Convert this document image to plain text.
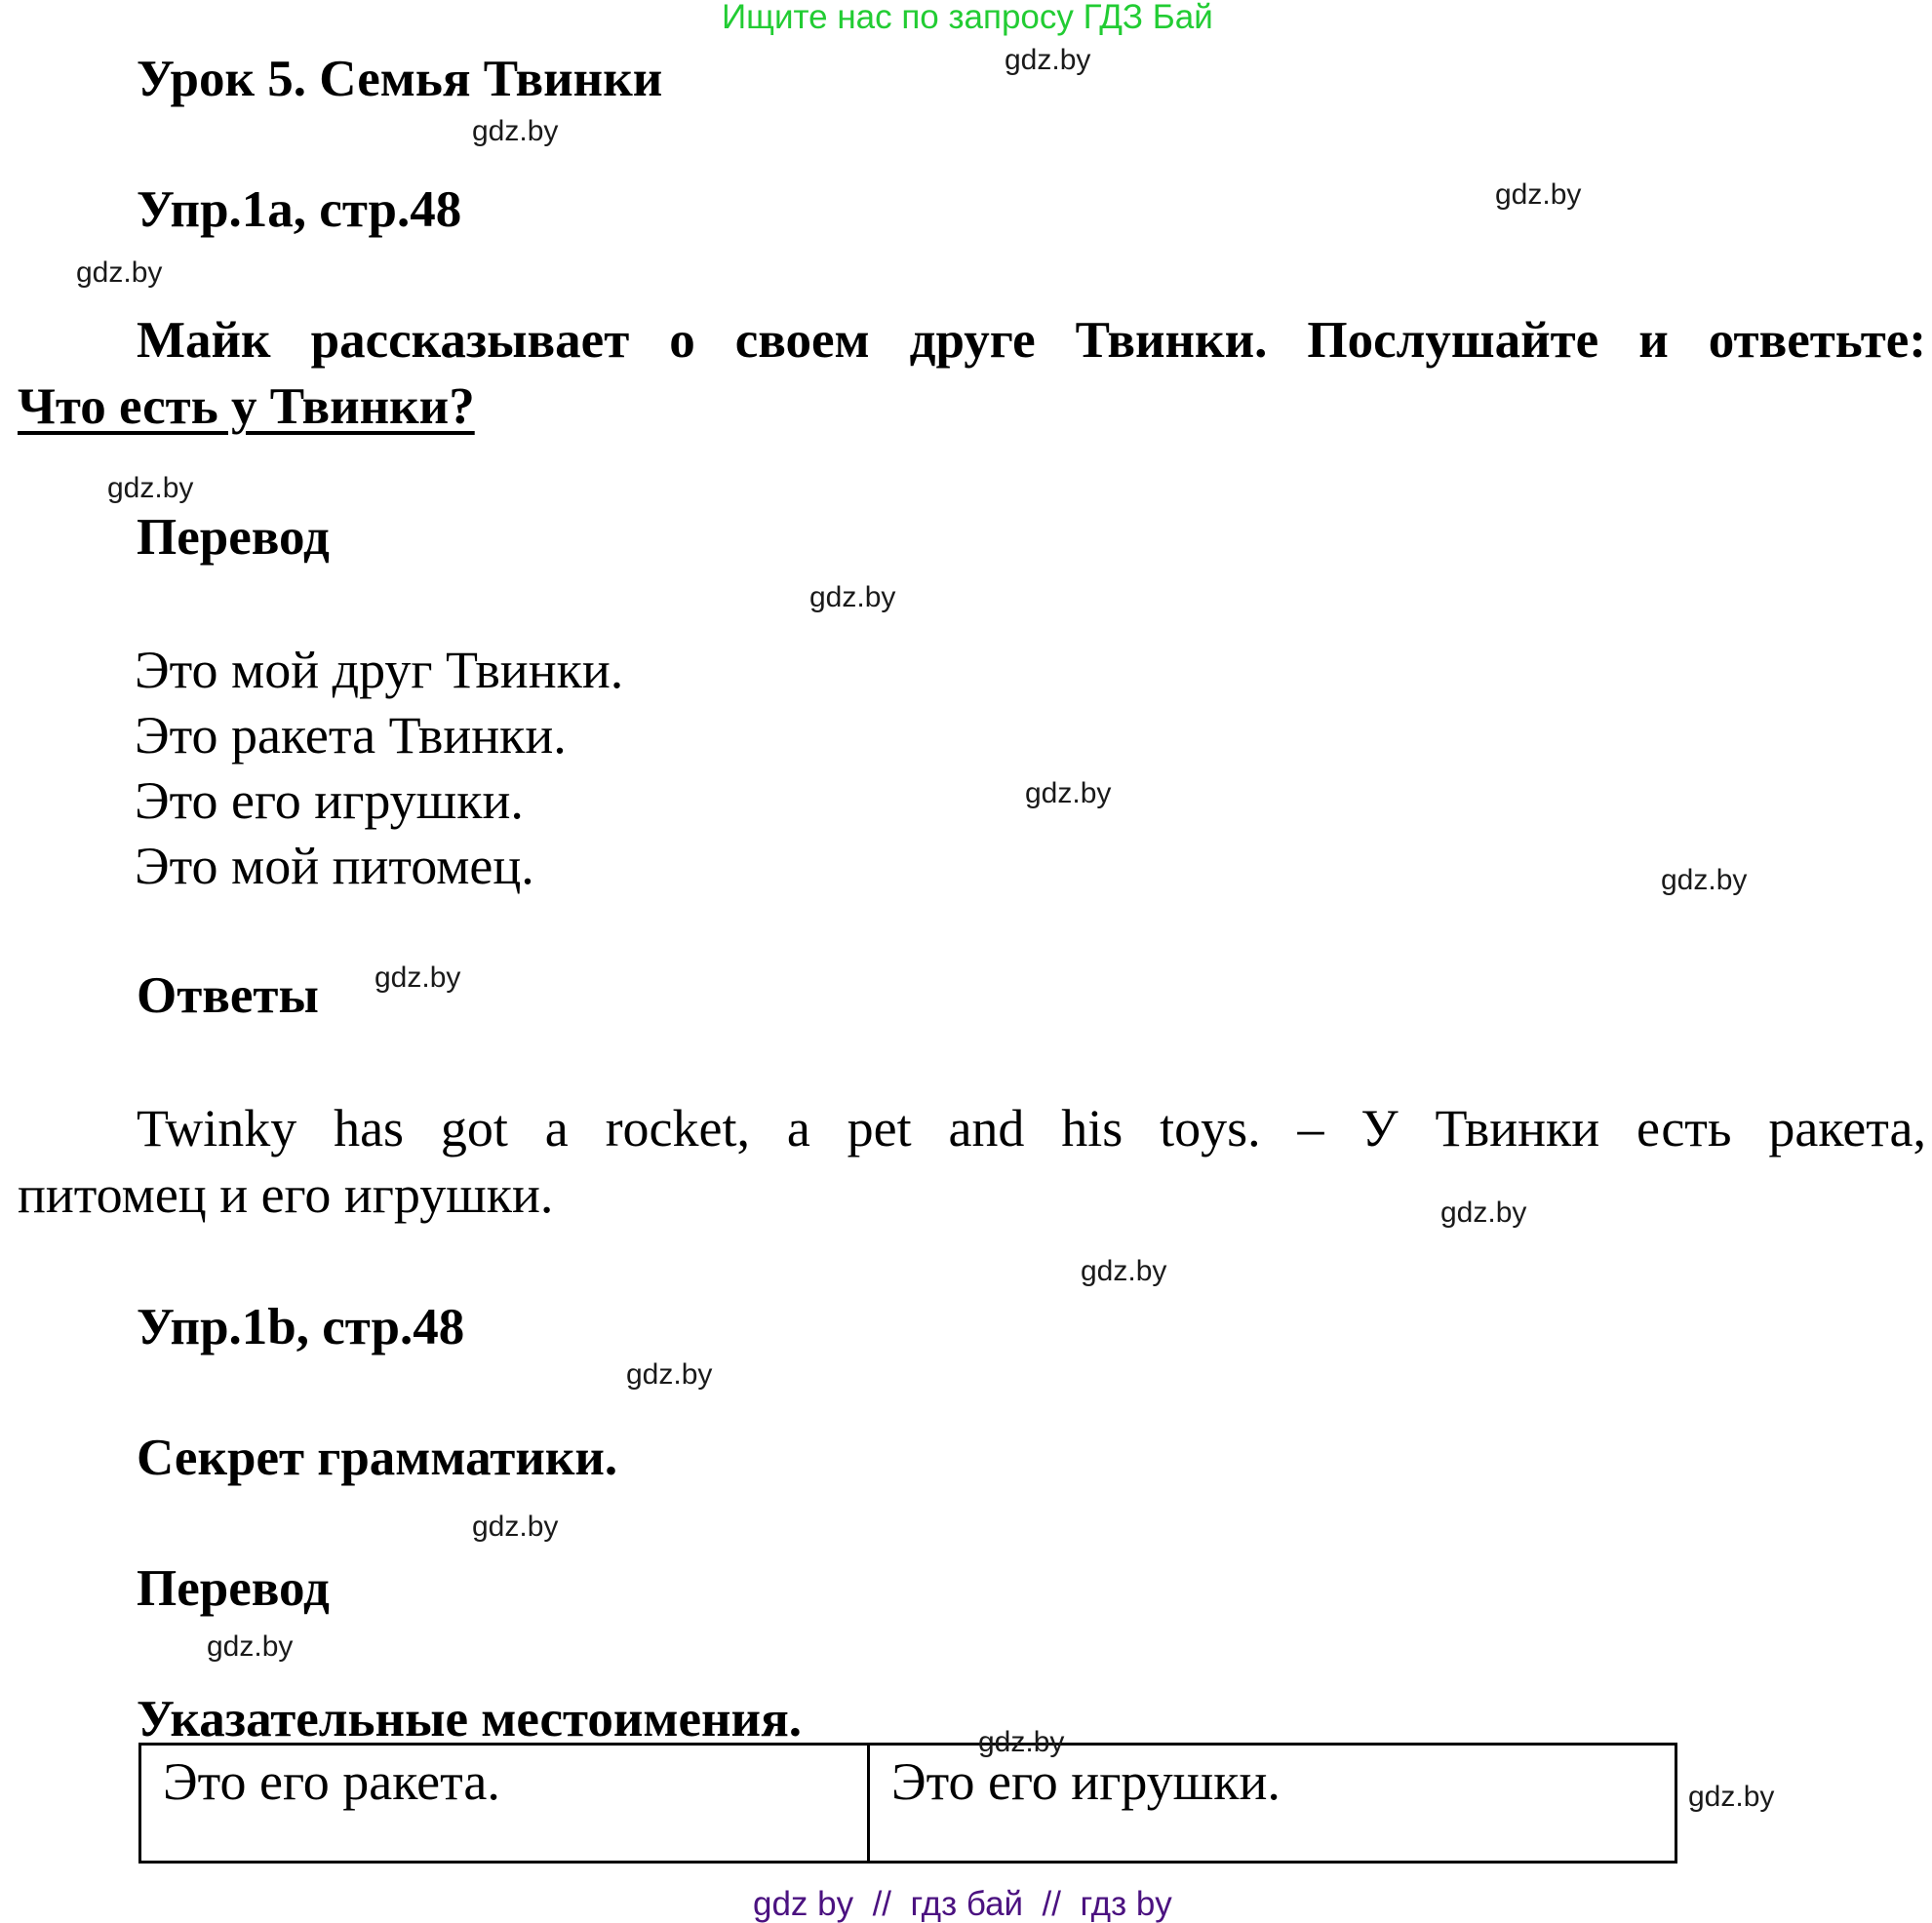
Ищите нас по запросу ГДЗ Бай
Урок 5. Семья Твинки
Упр.1а, стр.48
Майк рассказывает о своем друге Твинки. Послушайте и ответьте:
Что есть у Твинки?
Перевод
Это мой друг Твинки.
Это ракета Твинки.
Это его игрушки.
Это мой питомец.
Ответы
Twinky has got a rocket, a pet and his toys. – У Твинки есть ракета,
питомец и его игрушки.
Упр.1b, стр.48
Секрет грамматики.
Перевод
Указательные местоимения.
Это его ракета.	Это его игрушки.
gdz.by
gdz.by
gdz.by
gdz.by
gdz.by
gdz.by
gdz.by
gdz.by
gdz.by
gdz.by
gdz.by
gdz.by
gdz.by
gdz.by
gdz.by
gdz.by
gdz by  //  гдз бай  //  гдз by
